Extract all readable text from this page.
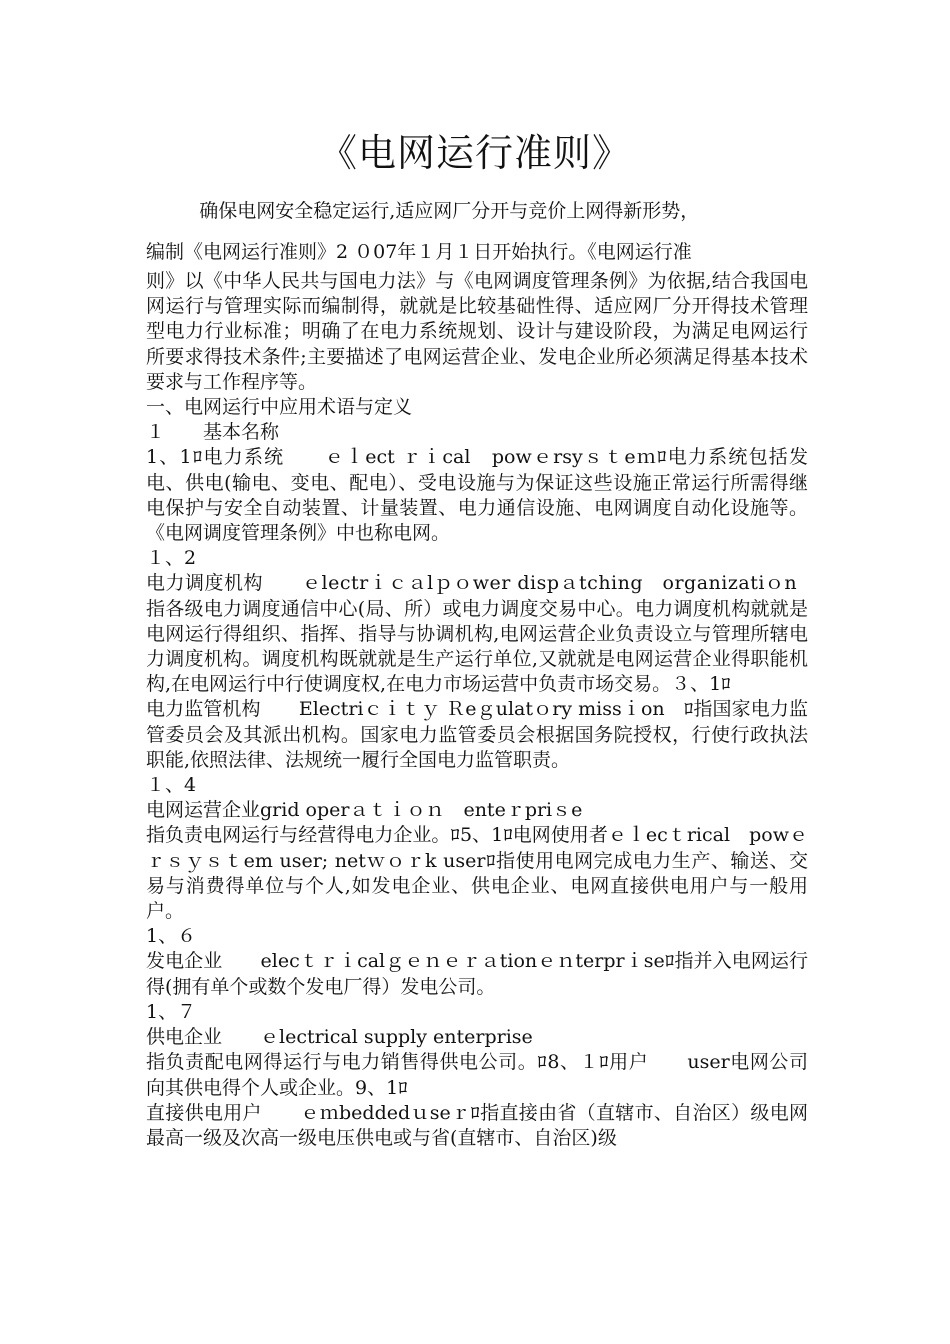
《电网运行准则》

确保电网安全稳定运行,适应网厂分开与竞价上网得新形势，

编制《电网运行准则》2 ０07年１月１日开始执行。《电网运行准

则》以《中华人民共与国电力法》与《电网调度管理条例》为依据,结合我国电网运行与管理实际而编制得，就就是比较基础性得、适应网厂分开得技术管理型电力行业标准；明确了在电力系统规划、设计与建设阶段，为满足电网运行所要求得技术条件;主要描述了电网运营企业、发电企业所必须满足得基本技术要求与工作程序等。

一、电网运行中应用术语与定义

１　　基本名称

1、1ﾛ电力系统　　ｅｌect ｒｉcal　powｅrsyｓｔeｍﾛ电力系统包括发电、供电(输电、变电、配电）、受电设施与为保证这些设施正常运行所需得继电保护与安全自动装置、计量装置、电力通信设施、电网调度自动化设施等。《电网调度管理条例》中也称电网。

１、2

电力调度机构　　ｅlectrｉｃａlｐｏwer dispａtching　organizatiｏn

指各级电力调度通信中心(局、所）或电力调度交易中心。电力调度机构就就是电网运行得组织、指挥、指导与协调机构,电网运营企业负责设立与管理所辖电力调度机构。调度机构既就就是生产运行单位,又就就是电网运营企业得职能机构,在电网运行中行使调度权,在电力市场运营中负责市场交易。３、1ﾛ

电力监管机构　　Electriｃｉｔｙ Ｒeｇulatｏry missｉon　ﾛ指国家电力监管委员会及其派出机构。国家电力监管委员会根据国务院授权，行使行政执法职能,依照法律、法规统一履行全国电力监管职责。

１、4

电网运营企业grid operａｔｉｏｎ　enteｒpriｓe

指负责电网运行与经营得电力企业。ﾛ5、1ﾛ电网使用者ｅｌecｔrical　powｅｒｓｙｓｔem user; netｗｏｒk userﾛ指使用电网完成电力生产、输送、交易与消费得单位与个人,如发电企业、供电企业、电网直接供电用户与一般用户。

1、６

发电企业　　elecｔｒｉcalｇｅｎｅｒａtionｅｎterprｉseﾛ指并入电网运行得(拥有单个或数个发电厂得）发电公司。

1、７

供电企业　　ｅlectrical supply enterprise

指负责配电网得运行与电力销售得供电公司。ﾛ8、１ﾛ用户　　user电网公司向其供电得个人或企业。9、1ﾛ

直接供电用户　　ｅｍbeddedｕseｒﾛ指直接由省（直辖市、自治区）级电网最高一级及次高一级电压供电或与省(直辖市、自治区)级
